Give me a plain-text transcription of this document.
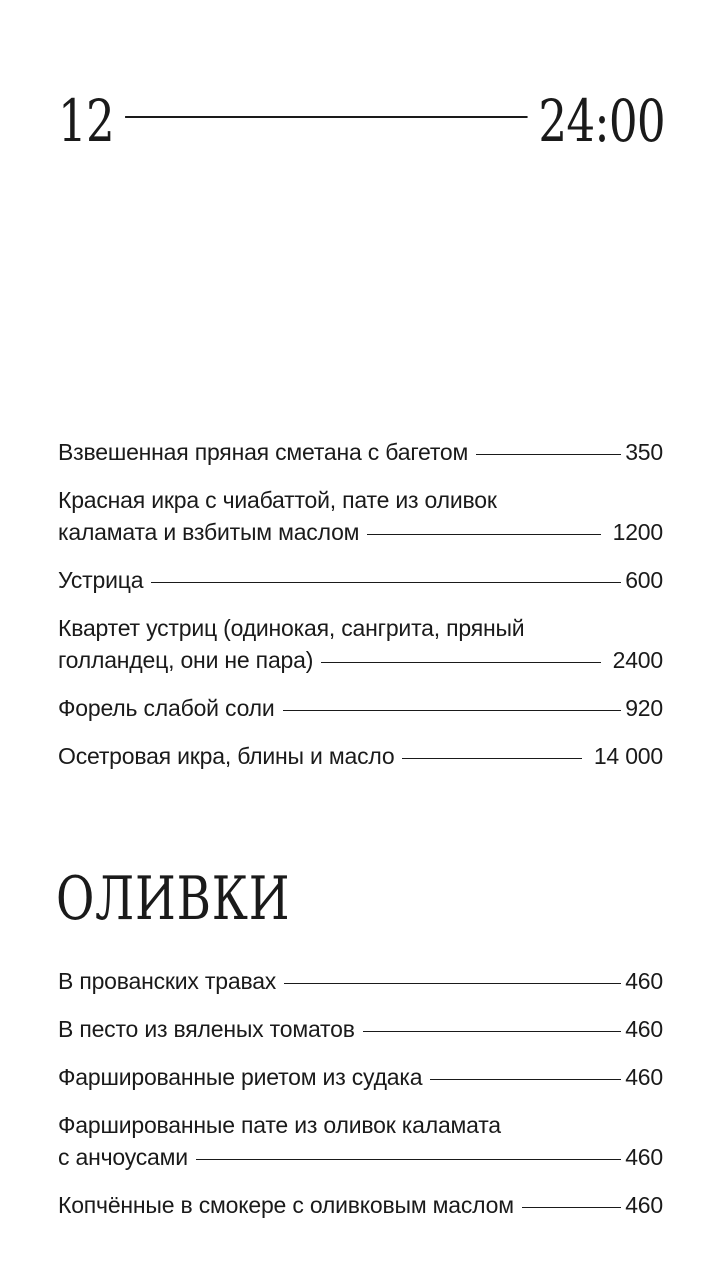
12	24:00
Взвешенная пряная сметана с багетом	350
Красная икра с чиабаттой, пате из оливок
каламата и взбитым маслом	1200
Устрица	600
Квартет устриц (одинокая, сангрита, пряный
голландец, они не пара)	2400
Форель слабой соли	920
Осетровая икра, блины и масло	14 000
ОЛИВКИ
В прованских травах	460
В песто из вяленых томатов	460
Фаршированные риетом из судака	460
Фаршированные пате из оливок каламата
с анчоусами	460
Копчённые в смокере с оливковым маслом	460
